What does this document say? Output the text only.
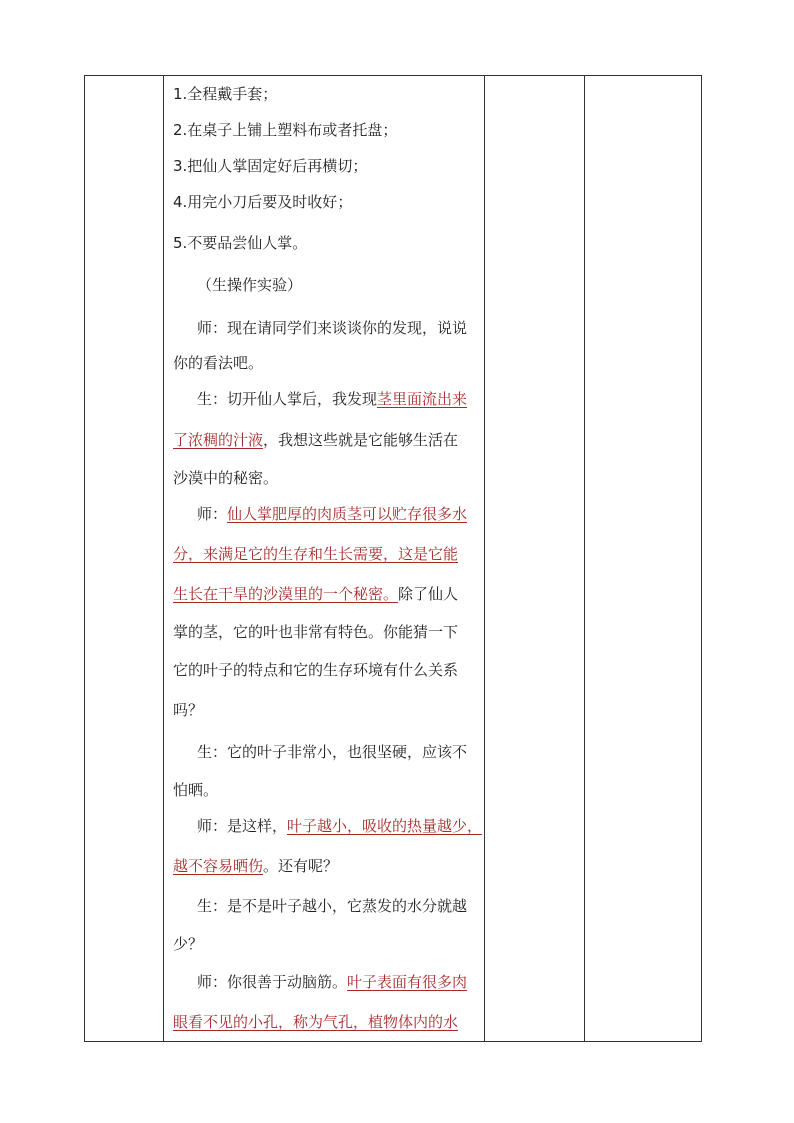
1.全程戴手套；
2.在桌子上铺上塑料布或者托盘；
3.把仙人掌固定好后再横切；
4.用完小刀后要及时收好；
5.不要品尝仙人掌。
（生操作实验）
师：现在请同学们来谈谈你的发现，说说
你的看法吧。
生：切开仙人掌后，我发现茎里面流出来
了浓稠的汁液，我想这些就是它能够生活在
沙漠中的秘密。
师：仙人掌肥厚的肉质茎可以贮存很多水
分，来满足它的生存和生长需要，这是它能
生长在干旱的沙漠里的一个秘密。除了仙人
掌的茎，它的叶也非常有特色。你能猜一下
它的叶子的特点和它的生存环境有什么关系
吗？
生：它的叶子非常小，也很坚硬，应该不
怕晒。
师：是这样，叶子越小，吸收的热量越少，
越不容易晒伤。还有呢？
生：是不是叶子越小，它蒸发的水分就越
少？
师：你很善于动脑筋。叶子表面有很多肉
眼看不见的小孔，称为气孔，植物体内的水
